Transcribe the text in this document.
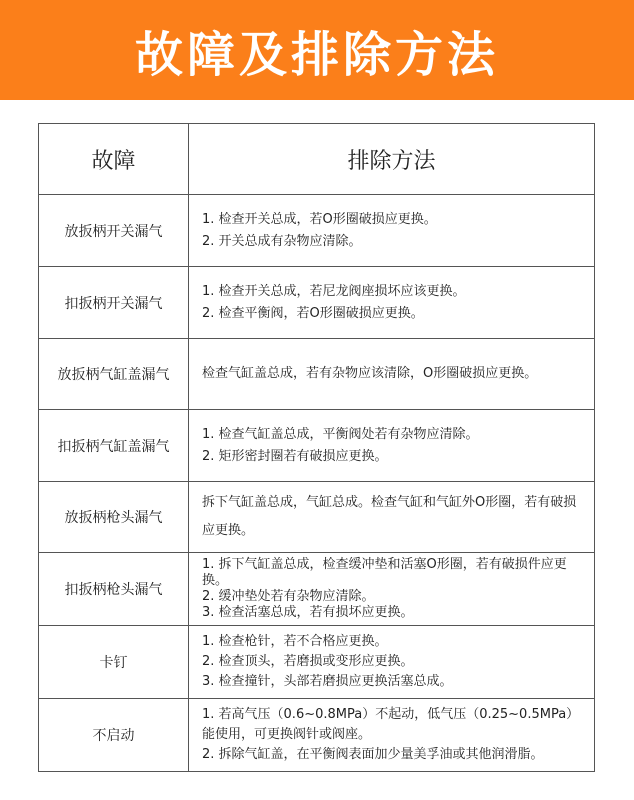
故障及排除方法
故障	排除方法
放扳柄开关漏气	1. 检查开关总成，若O形圈破损应更换。
2. 开关总成有杂物应清除。

扣扳柄开关漏气	1. 检查开关总成，若尼龙阀座损坏应该更换。
2. 检查平衡阀，若O形圈破损应更换。

放扳柄气缸盖漏气	检查气缸盖总成，若有杂物应该清除，O形圈破损应更换。

扣扳柄气缸盖漏气	1. 检查气缸盖总成，平衡阀处若有杂物应清除。
2. 矩形密封圈若有破损应更换。

放扳柄枪头漏气	拆下气缸盖总成，气缸总成。检查气缸和气缸外O形圈，若有破损应更换。
扣扳柄枪头漏气	1. 拆下气缸盖总成，检查缓冲垫和活塞O形圈，若有破损件应更换。
2. 缓冲垫处若有杂物应清除。
3. 检查活塞总成，若有损坏应更换。

卡钉	1. 检查枪针，若不合格应更换。
2. 检查顶头，若磨损或变形应更换。
3. 检查撞针，头部若磨损应更换活塞总成。

不启动	1. 若高气压（0.6~0.8MPa）不起动，低气压（0.25~0.5MPa）能使用，可更换阀针或阀座。
2. 拆除气缸盖，在平衡阀表面加少量美孚油或其他润滑脂。
